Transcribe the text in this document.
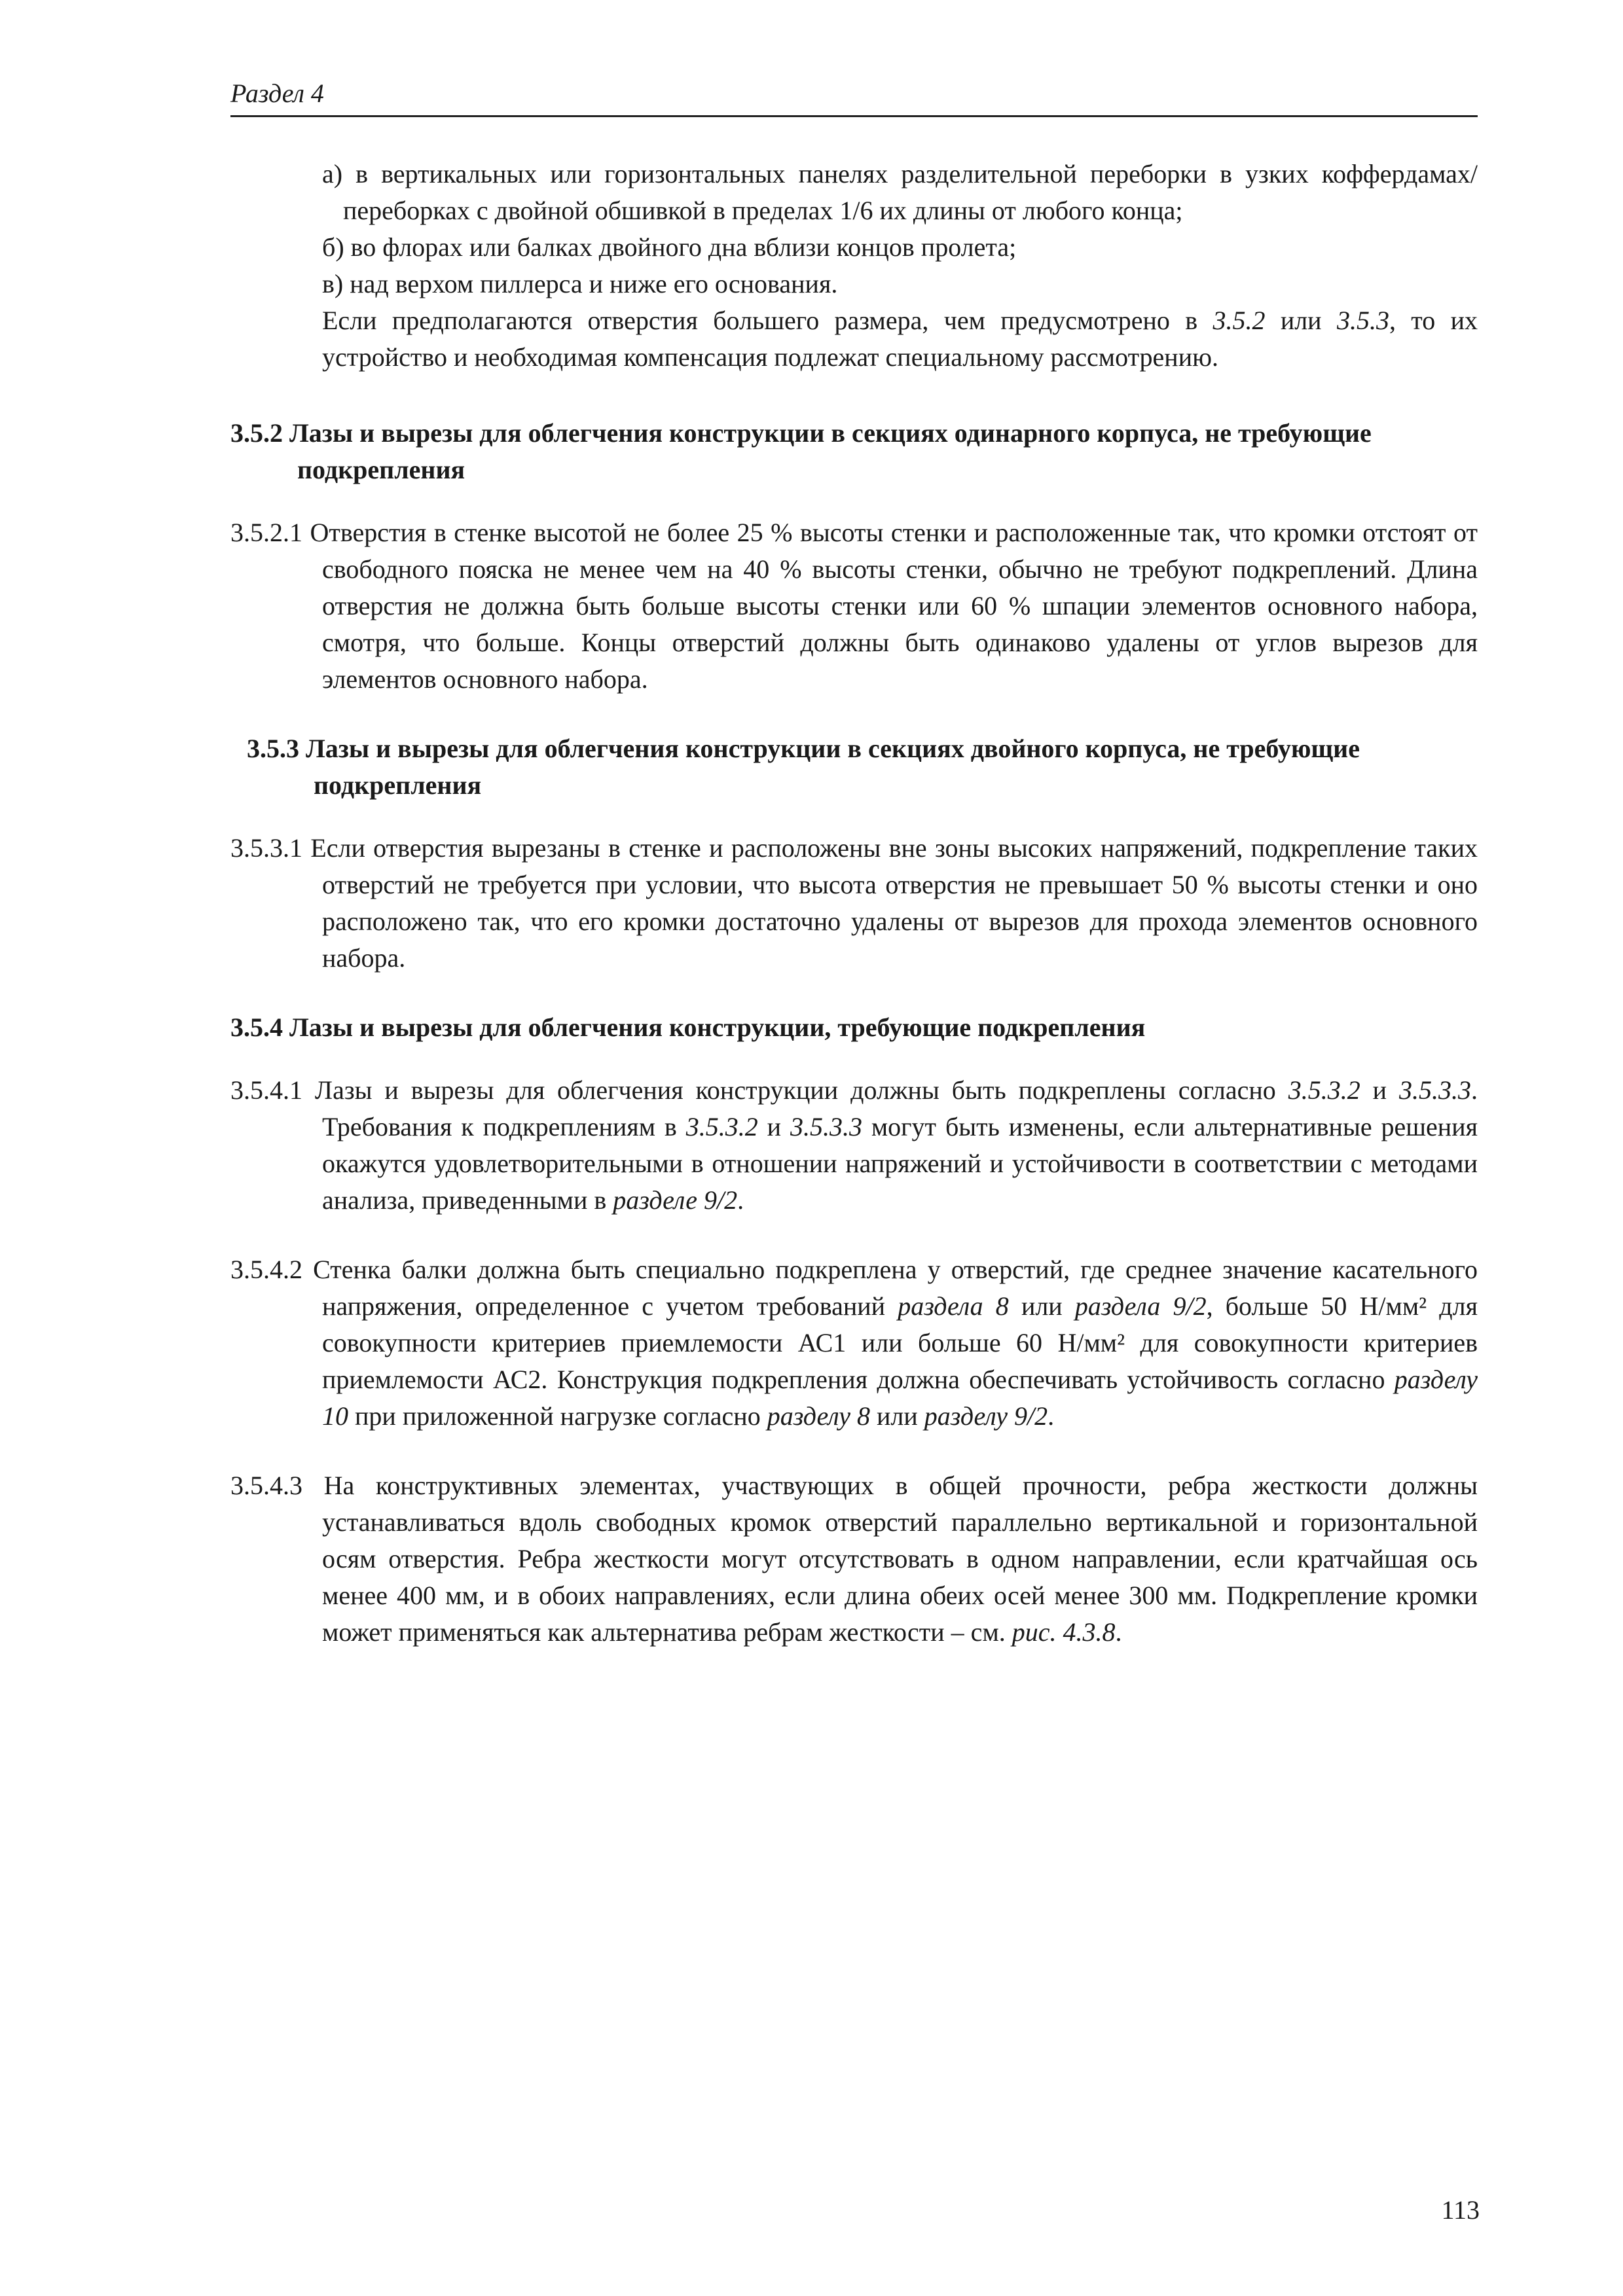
Раздел 4

а) в вертикальных или горизонтальных панелях разделительной переборки в узких коффердамах/ переборках с двойной обшивкой в пределах 1/6 их длины от любого конца;

б) во флорах или балках двойного дна вблизи концов пролета;

в) над верхом пиллерса и ниже его основания.

Если предполагаются отверстия большего размера, чем предусмотрено в 3.5.2 или 3.5.3, то их устройство и необходимая компенсация подлежат специальному рассмотрению.

3.5.2 Лазы и вырезы для облегчения конструкции в секциях одинарного корпуса, не требующие подкрепления

3.5.2.1 Отверстия в стенке высотой не более 25 % высоты стенки и расположенные так, что кромки отстоят от свободного пояска не менее чем на 40 % высоты стенки, обычно не требуют подкреплений. Длина отверстия не должна быть больше высоты стенки или 60 % шпации элементов основного набора, смотря, что больше. Концы отверстий должны быть одинаково удалены от углов вырезов для элементов основного набора.

3.5.3 Лазы и вырезы для облегчения конструкции в секциях двойного корпуса, не требующие подкрепления

3.5.3.1 Если отверстия вырезаны в стенке и расположены вне зоны высоких напряжений, подкрепление таких отверстий не требуется при условии, что высота отверстия не превышает 50 % высоты стенки и оно расположено так, что его кромки достаточно удалены от вырезов для прохода элементов основного набора.

3.5.4 Лазы и вырезы для облегчения конструкции, требующие подкрепления

3.5.4.1 Лазы и вырезы для облегчения конструкции должны быть подкреплены согласно 3.5.3.2 и 3.5.3.3. Требования к подкреплениям в 3.5.3.2 и 3.5.3.3 могут быть изменены, если альтернативные решения окажутся удовлетворительными в отношении напряжений и устойчивости в соответствии с методами анализа, приведенными в разделе 9/2.

3.5.4.2 Стенка балки должна быть специально подкреплена у отверстий, где среднее значение касательного напряжения, определенное с учетом требований раздела 8 или раздела 9/2, больше 50 Н/мм² для совокупности критериев приемлемости АС1 или больше 60 Н/мм² для совокупности критериев приемлемости АС2. Конструкция подкрепления должна обеспечивать устойчивость согласно разделу 10 при приложенной нагрузке согласно разделу 8 или разделу 9/2.

3.5.4.3 На конструктивных элементах, участвующих в общей прочности, ребра жесткости должны устанавливаться вдоль свободных кромок отверстий параллельно вертикальной и горизонтальной осям отверстия. Ребра жесткости могут отсутствовать в одном направлении, если кратчайшая ось менее 400 мм, и в обоих направлениях, если длина обеих осей менее 300 мм. Подкрепление кромки может применяться как альтернатива ребрам жесткости – см. рис. 4.3.8.

113
